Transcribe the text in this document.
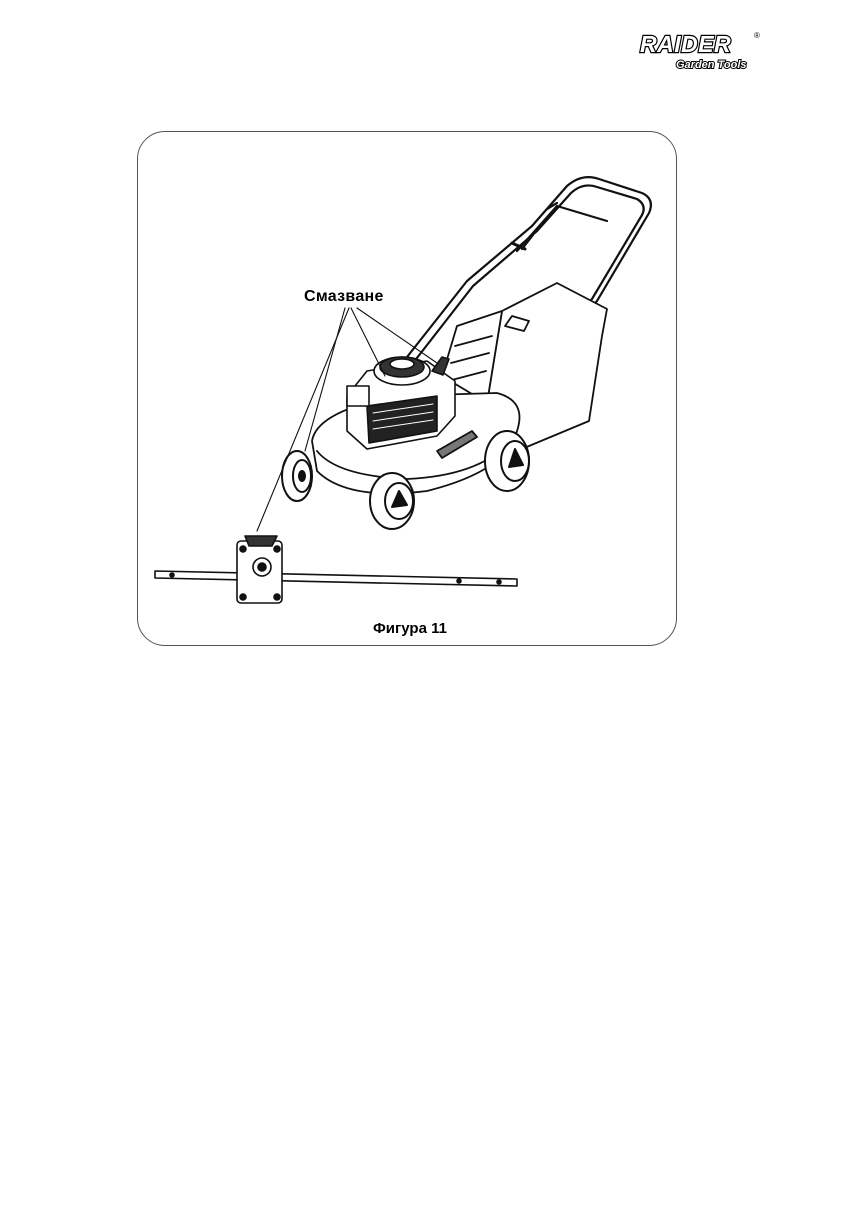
RAIDER	®
Garden Tools
Смазване
Фигура 11
